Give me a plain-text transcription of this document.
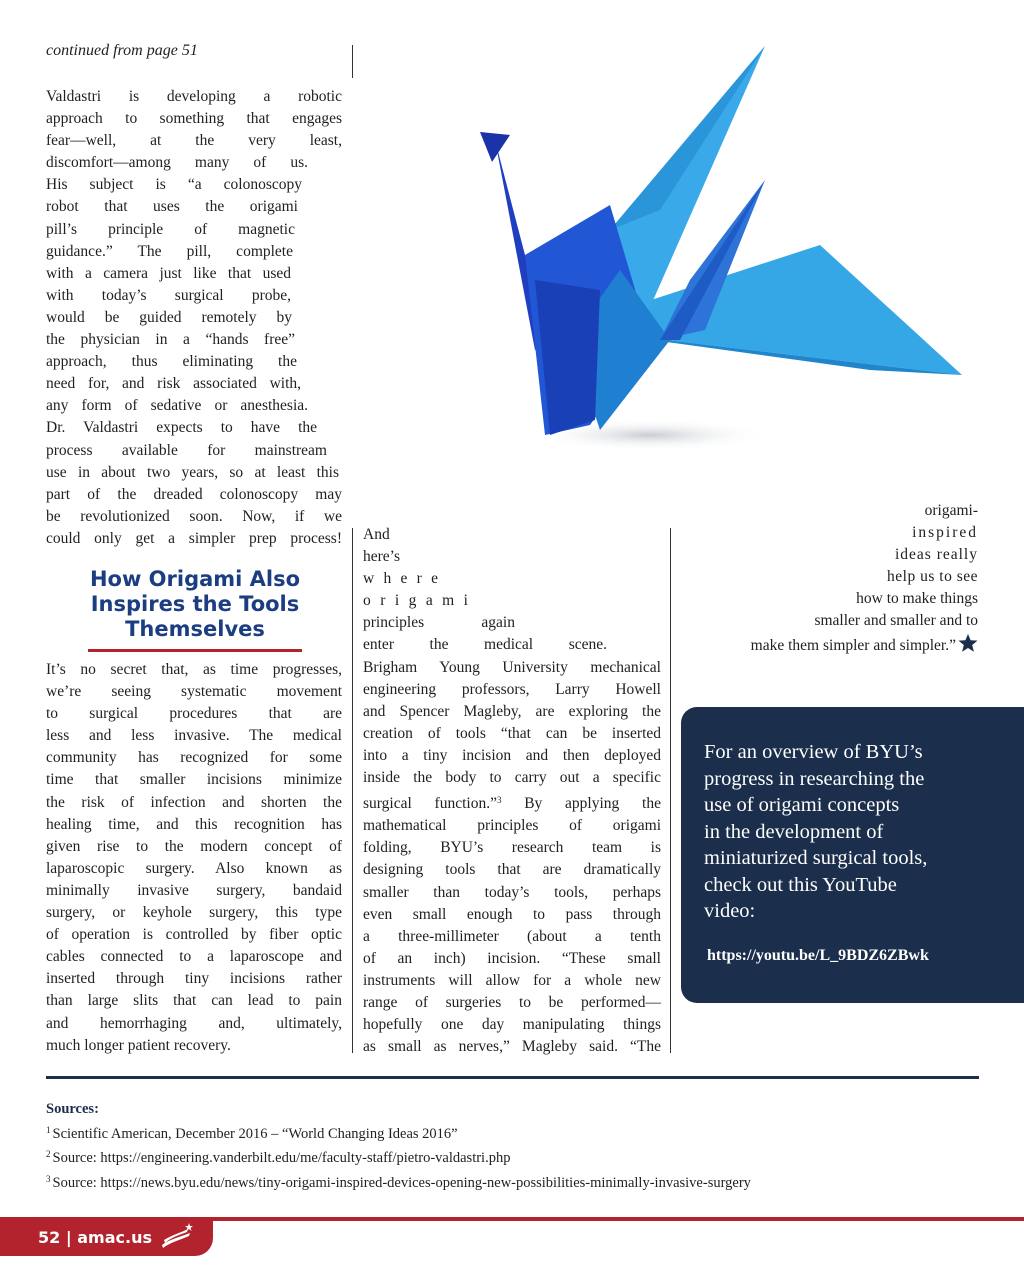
continued from page 51
Valdastri is developing a robotic
approach to something that engages
fear—well, at the very least,
discomfort—among many of us.
His subject is “a colonoscopy
robot that uses the origami
pill’s principle of magnetic
guidance.” The pill, complete
with a camera just like that used
with today’s surgical probe,
would be guided remotely by
the physician in a “hands free”
approach, thus eliminating the
need for, and risk associated with,
any form of sedative or anesthesia.
Dr. Valdastri expects to have the
process available for mainstream
use in about two years, so at least this
part of the dreaded colonoscopy may
be revolutionized soon. Now, if we
could only get a simpler prep process!
How Origami Also
Inspires the Tools
Themselves
It’s no secret that, as time progresses,
we’re seeing systematic movement
to surgical procedures that are
less and less invasive. The medical
community has recognized for some
time that smaller incisions minimize
the risk of infection and shorten the
healing time, and this recognition has
given rise to the modern concept of
laparoscopic surgery. Also known as
minimally invasive surgery, bandaid
surgery, or keyhole surgery, this type
of operation is controlled by fiber optic
cables connected to a laparoscope and
inserted through tiny incisions rather
than large slits that can lead to pain
and hemorrhaging and, ultimately,
much longer patient recovery.
And
here’s
w h e r e
o r i g a m i
principles again
enter the medical scene.
Brigham Young University mechanical
engineering professors, Larry Howell
and Spencer Magleby, are exploring the
creation of tools “that can be inserted
into a tiny incision and then deployed
inside the body to carry out a specific
surgical function.”$^3$ By applying the
mathematical principles of origami
folding, BYU’s research team is
designing tools that are dramatically
smaller than today’s tools, perhaps
even small enough to pass through
a three-millimeter (about a tenth
of an inch) incision. “These small
instruments will allow for a whole new
range of surgeries to be performed—
hopefully one day manipulating things
as small as nerves,” Magleby said. “The
origami-
inspired
ideas really
help us to see
how to make things
smaller and smaller and to
make them simpler and simpler.”
For an overview of BYU’s
progress in researching the
use of origami concepts
in the development of
miniaturized surgical tools,
check out this YouTube
video:
https://youtu.be/L_9BDZ6ZBwk
Sources:
$^1$ Scientific American, December 2016 – “World Changing Ideas 2016”
$^2$ Source: https://engineering.vanderbilt.edu/me/faculty-staff/pietro-valdastri.php
$^3$ Source: https://news.byu.edu/news/tiny-origami-inspired-devices-opening-new-possibilities-minimally-invasive-surgery
52 | amac.us
